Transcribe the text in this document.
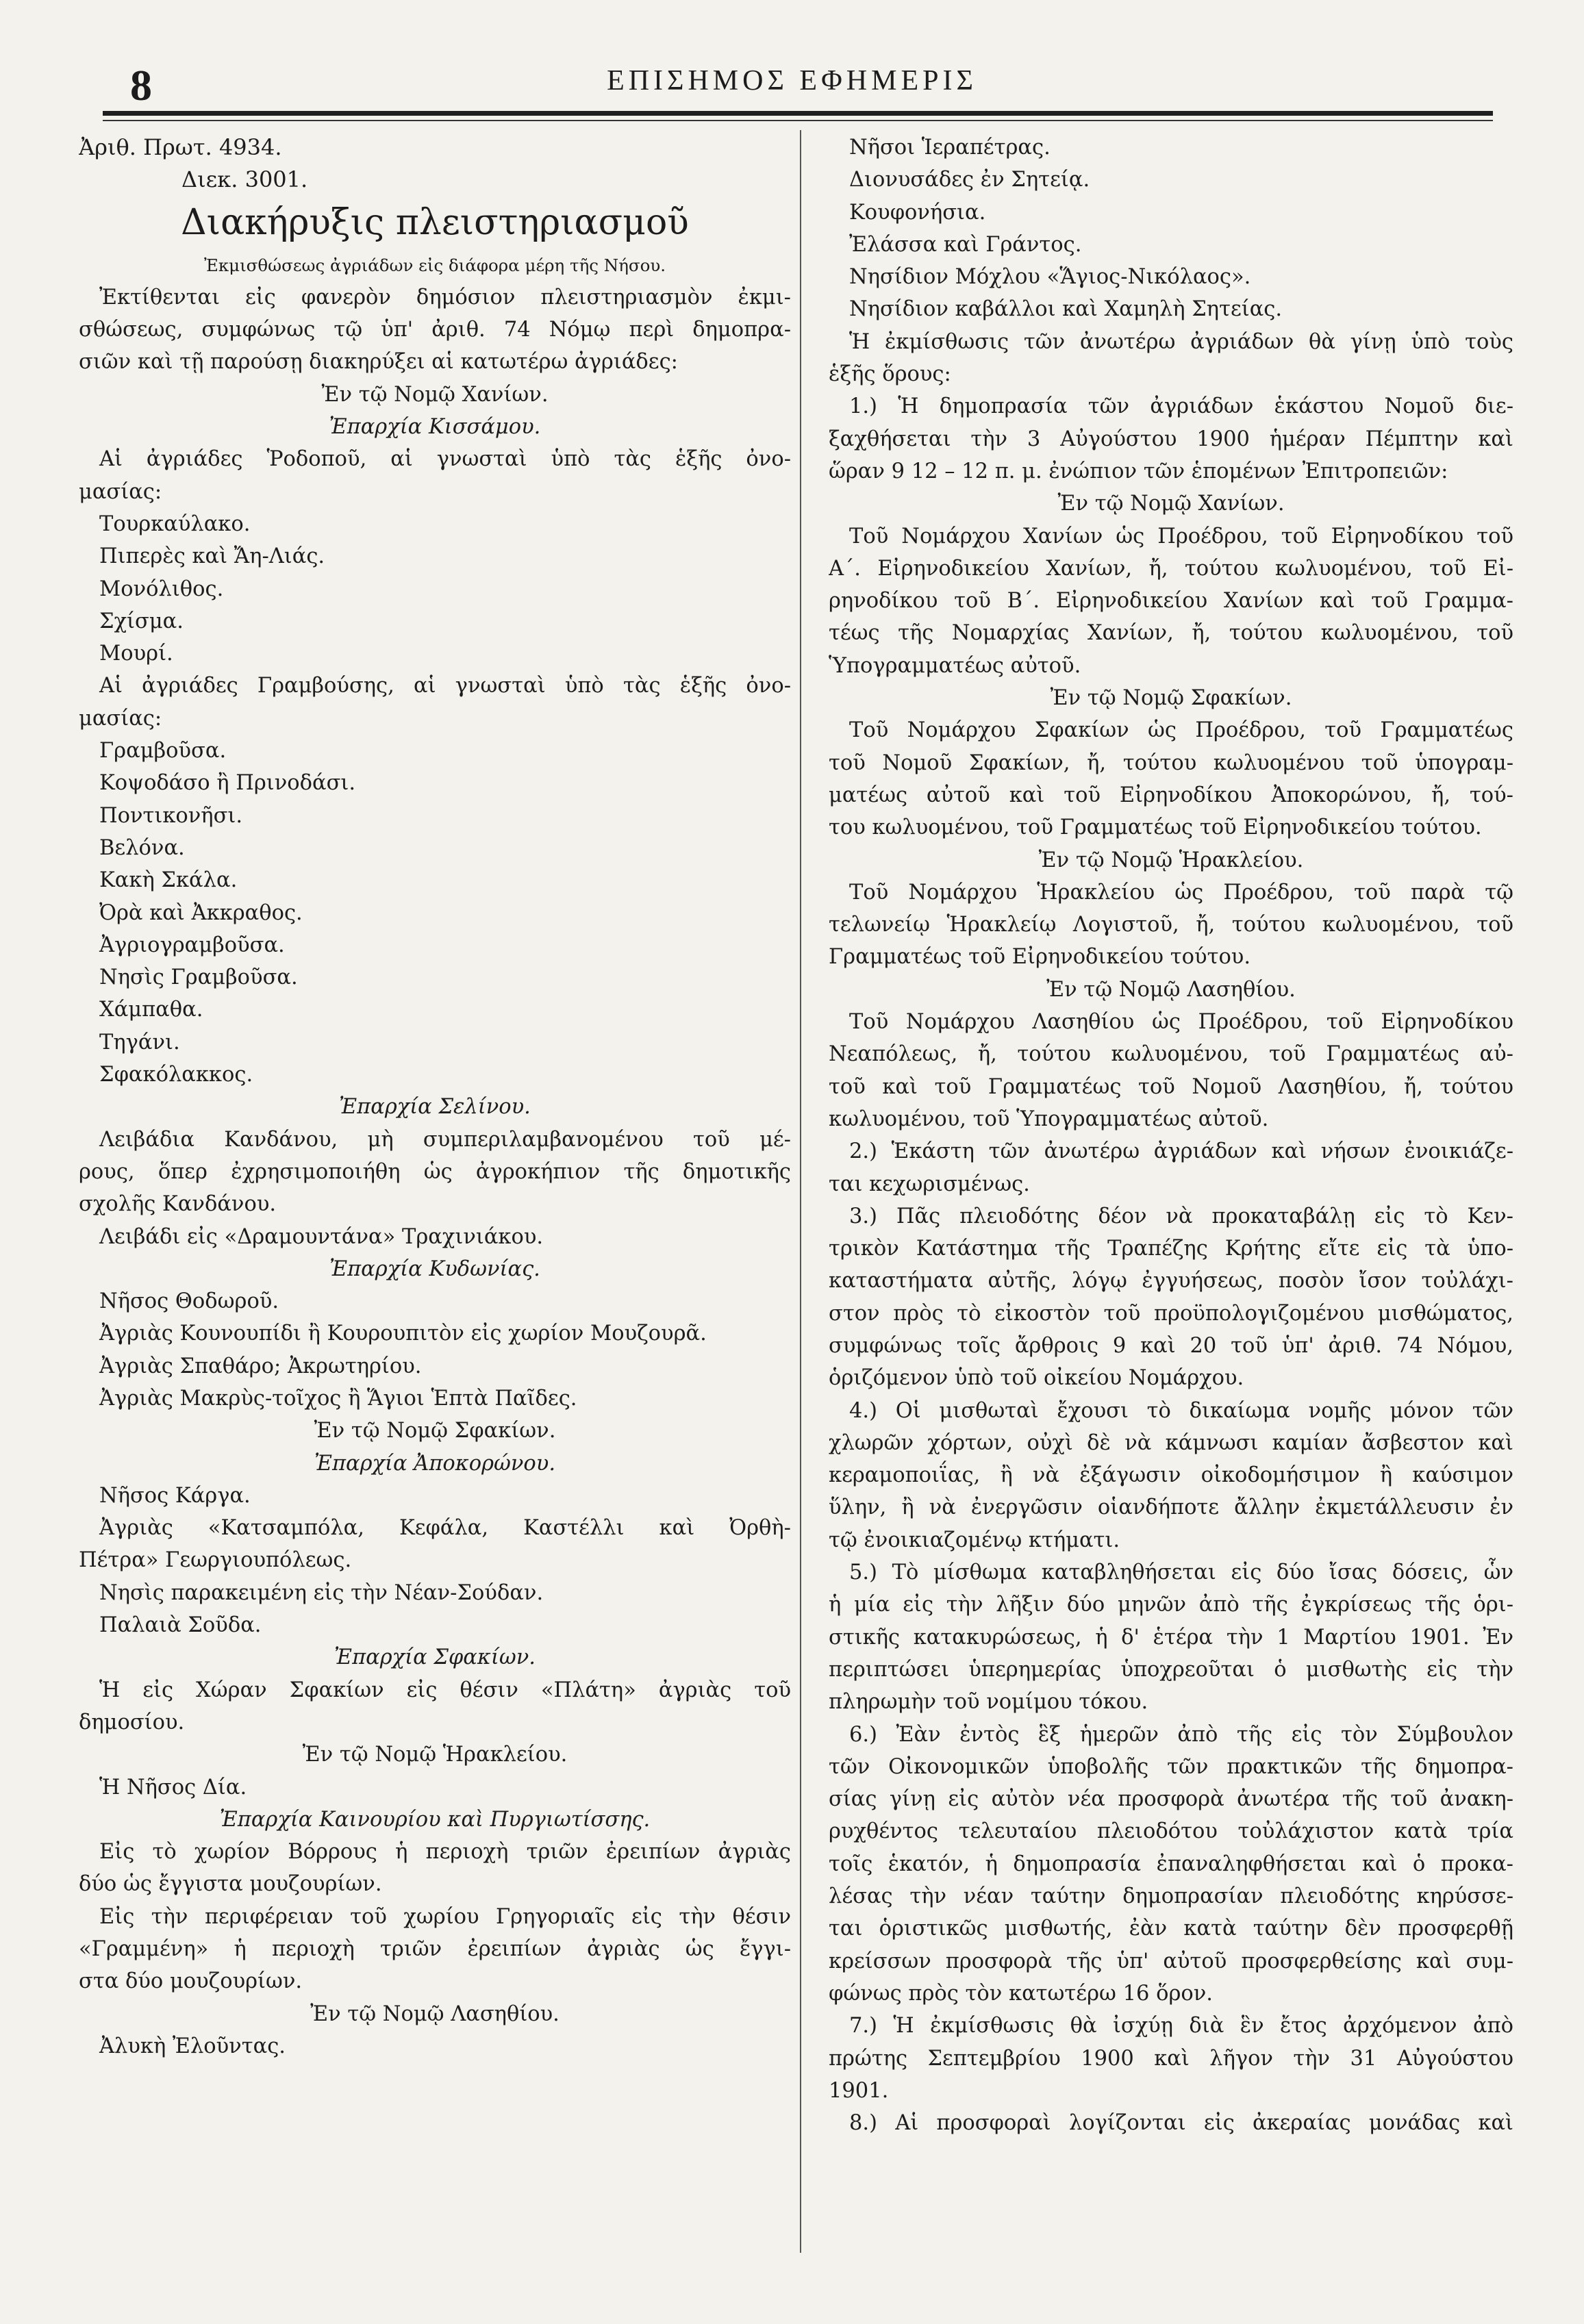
8	ΕΠΙΣΗΜΟΣ ΕΦΗΜΕΡΙΣ
Ἀριθ. Πρωτ. 4934.
Διεκ. 3001.
Διακήρυξις πλειστηριασμοῦ
Ἐκμισθώσεως ἀγριάδων εἰς διάφορα μέρη τῆς Νήσου.
Ἐκτίθενται εἰς φανερὸν δημόσιον πλειστηριασμὸν ἐκμι-
σθώσεως, συμφώνως τῷ ὑπ' ἀριθ. 74 Νόμῳ περὶ δημοπρα-
σιῶν καὶ τῇ παρούσῃ διακηρύξει αἱ κατωτέρω ἀγριάδες:
Ἐν τῷ Νομῷ Χανίων.
Ἐπαρχία Κισσάμου.
Αἱ ἀγριάδες Ῥοδοποῦ, αἱ γνωσταὶ ὑπὸ τὰς ἑξῆς ὀνο-
μασίας:
Τουρκαύλακο.
Πιπερὲς καὶ Ἄη-Λιάς.
Μονόλιθος.
Σχίσμα.
Μουρί.
Αἱ ἀγριάδες Γραμβούσης, αἱ γνωσταὶ ὑπὸ τὰς ἑξῆς ὀνο-
μασίας:
Γραμβοῦσα.
Κοψοδάσο ἢ Πρινοδάσι.
Ποντικονῆσι.
Βελόνα.
Κακὴ Σκάλα.
Ὀρὰ καὶ Ἀκκραθος.
Ἀγριογραμβοῦσα.
Νησὶς Γραμβοῦσα.
Χάμπαθα.
Τηγάνι.
Σφακόλακκος.
Ἐπαρχία Σελίνου.
Λειβάδια Κανδάνου, μὴ συμπεριλαμβανομένου τοῦ μέ-
ρους, ὅπερ ἐχρησιμοποιήθη ὡς ἀγροκήπιον τῆς δημοτικῆς
σχολῆς Κανδάνου.
Λειβάδι εἰς «Δραμουντάνα» Τραχινιάκου.
Ἐπαρχία Κυδωνίας.
Νῆσος Θοδωροῦ.
Ἀγριὰς Κουνουπίδι ἢ Κουρουπιτὸν εἰς χωρίον Μουζουρᾶ.
Ἀγριὰς Σπαθάρο; Ἀκρωτηρίου.
Ἀγριὰς Μακρὺς-τοῖχος ἢ Ἅγιοι Ἑπτὰ Παῖδες.
Ἐν τῷ Νομῷ Σφακίων.
Ἐπαρχία Ἀποκορώνου.
Νῆσος Κάργα.
Ἀγριὰς «Κατσαμπόλα, Κεφάλα, Καστέλλι καὶ Ὀρθὴ-
Πέτρα» Γεωργιουπόλεως.
Νησὶς παρακειμένη εἰς τὴν Νέαν-Σούδαν.
Παλαιὰ Σοῦδα.
Ἐπαρχία Σφακίων.
Ἡ εἰς Χώραν Σφακίων εἰς θέσιν «Πλάτη» ἀγριὰς τοῦ
δημοσίου.
Ἐν τῷ Νομῷ Ἡρακλείου.
Ἡ Νῆσος Δία.
Ἐπαρχία Καινουρίου καὶ Πυργιωτίσσης.
Εἰς τὸ χωρίον Βόρρους ἡ περιοχὴ τριῶν ἐρειπίων ἀγριὰς
δύο ὡς ἔγγιστα μουζουρίων.
Εἰς τὴν περιφέρειαν τοῦ χωρίου Γρηγοριαῖς εἰς τὴν θέσιν
«Γραμμένη» ἡ περιοχὴ τριῶν ἐρειπίων ἀγριὰς ὡς ἔγγι-
στα δύο μουζουρίων.
Ἐν τῷ Νομῷ Λασηθίου.
Ἀλυκὴ Ἐλοῦντας.
Νῆσοι Ἱεραπέτρας.
Διονυσάδες ἐν Σητείᾳ.
Κουφονήσια.
Ἐλάσσα καὶ Γράντος.
Νησίδιον Μόχλου «Ἅγιος-Νικόλαος».
Νησίδιον καβάλλοι καὶ Χαμηλὴ Σητείας.
Ἡ ἐκμίσθωσις τῶν ἀνωτέρω ἀγριάδων θὰ γίνῃ ὑπὸ τοὺς
ἑξῆς ὅρους:
1.) Ἡ δημοπρασία τῶν ἀγριάδων ἑκάστου Νομοῦ διε-
ξαχθήσεται τὴν 3 Αὐγούστου 1900 ἡμέραν Πέμπτην καὶ
ὥραν 9 12 – 12 π. μ. ἐνώπιον τῶν ἑπομένων Ἐπιτροπειῶν:
Ἐν τῷ Νομῷ Χανίων.
Τοῦ Νομάρχου Χανίων ὡς Προέδρου, τοῦ Εἰρηνοδίκου τοῦ
Α΄. Εἰρηνοδικείου Χανίων, ἤ, τούτου κωλυομένου, τοῦ Εἰ-
ρηνοδίκου τοῦ Β΄. Εἰρηνοδικείου Χανίων καὶ τοῦ Γραμμα-
τέως τῆς Νομαρχίας Χανίων, ἤ, τούτου κωλυομένου, τοῦ
Ὑπογραμματέως αὐτοῦ.
Ἐν τῷ Νομῷ Σφακίων.
Τοῦ Νομάρχου Σφακίων ὡς Προέδρου, τοῦ Γραμματέως
τοῦ Νομοῦ Σφακίων, ἤ, τούτου κωλυομένου τοῦ ὑπογραμ-
ματέως αὐτοῦ καὶ τοῦ Εἰρηνοδίκου Ἀποκορώνου, ἤ, τού-
του κωλυομένου, τοῦ Γραμματέως τοῦ Εἰρηνοδικείου τούτου.
Ἐν τῷ Νομῷ Ἡρακλείου.
Τοῦ Νομάρχου Ἡρακλείου ὡς Προέδρου, τοῦ παρὰ τῷ
τελωνείῳ Ἡρακλείῳ Λογιστοῦ, ἤ, τούτου κωλυομένου, τοῦ
Γραμματέως τοῦ Εἰρηνοδικείου τούτου.
Ἐν τῷ Νομῷ Λασηθίου.
Τοῦ Νομάρχου Λασηθίου ὡς Προέδρου, τοῦ Εἰρηνοδίκου
Νεαπόλεως, ἤ, τούτου κωλυομένου, τοῦ Γραμματέως αὐ-
τοῦ καὶ τοῦ Γραμματέως τοῦ Νομοῦ Λασηθίου, ἤ, τούτου
κωλυομένου, τοῦ Ὑπογραμματέως αὐτοῦ.
2.) Ἑκάστη τῶν ἀνωτέρω ἀγριάδων καὶ νήσων ἐνοικιάζε-
ται κεχωρισμένως.
3.) Πᾶς πλειοδότης δέον νὰ προκαταβάλῃ εἰς τὸ Κεν-
τρικὸν Κατάστημα τῆς Τραπέζης Κρήτης εἴτε εἰς τὰ ὑπο-
καταστήματα αὐτῆς, λόγῳ ἐγγυήσεως, ποσὸν ἴσον τοὐλάχι-
στον πρὸς τὸ εἰκοστὸν τοῦ προϋπολογιζομένου μισθώματος,
συμφώνως τοῖς ἄρθροις 9 καὶ 20 τοῦ ὑπ' ἀριθ. 74 Νόμου,
ὁριζόμενον ὑπὸ τοῦ οἰκείου Νομάρχου.
4.) Οἱ μισθωταὶ ἔχουσι τὸ δικαίωμα νομῆς μόνον τῶν
χλωρῶν χόρτων, οὐχὶ δὲ νὰ κάμνωσι καμίαν ἄσβεστον καὶ
κεραμοποιΐας, ἢ νὰ ἐξάγωσιν οἰκοδομήσιμον ἢ καύσιμον
ὕλην, ἢ νὰ ἐνεργῶσιν οἱανδήποτε ἄλλην ἐκμετάλλευσιν ἐν
τῷ ἐνοικιαζομένῳ κτήματι.
5.) Τὸ μίσθωμα καταβληθήσεται εἰς δύο ἴσας δόσεις, ὧν
ἡ μία εἰς τὴν λῆξιν δύο μηνῶν ἀπὸ τῆς ἐγκρίσεως τῆς ὁρι-
στικῆς κατακυρώσεως, ἡ δ' ἑτέρα τὴν 1 Μαρτίου 1901. Ἐν
περιπτώσει ὑπερημερίας ὑποχρεοῦται ὁ μισθωτὴς εἰς τὴν
πληρωμὴν τοῦ νομίμου τόκου.
6.) Ἐὰν ἐντὸς ἓξ ἡμερῶν ἀπὸ τῆς εἰς τὸν Σύμβουλον
τῶν Οἰκονομικῶν ὑποβολῆς τῶν πρακτικῶν τῆς δημοπρα-
σίας γίνῃ εἰς αὐτὸν νέα προσφορὰ ἀνωτέρα τῆς τοῦ ἀνακη-
ρυχθέντος τελευταίου πλειοδότου τοὐλάχιστον κατὰ τρία
τοῖς ἑκατόν, ἡ δημοπρασία ἐπαναληφθήσεται καὶ ὁ προκα-
λέσας τὴν νέαν ταύτην δημοπρασίαν πλειοδότης κηρύσσε-
ται ὁριστικῶς μισθωτής, ἐὰν κατὰ ταύτην δὲν προσφερθῇ
κρείσσων προσφορὰ τῆς ὑπ' αὐτοῦ προσφερθείσης καὶ συμ-
φώνως πρὸς τὸν κατωτέρω 16 ὅρον.
7.) Ἡ ἐκμίσθωσις θὰ ἰσχύῃ διὰ ἓν ἔτος ἀρχόμενον ἀπὸ
πρώτης Σεπτεμβρίου 1900 καὶ λῆγον τὴν 31 Αὐγούστου
1901.
8.) Αἱ προσφοραὶ λογίζονται εἰς ἀκεραίας μονάδας καὶ
